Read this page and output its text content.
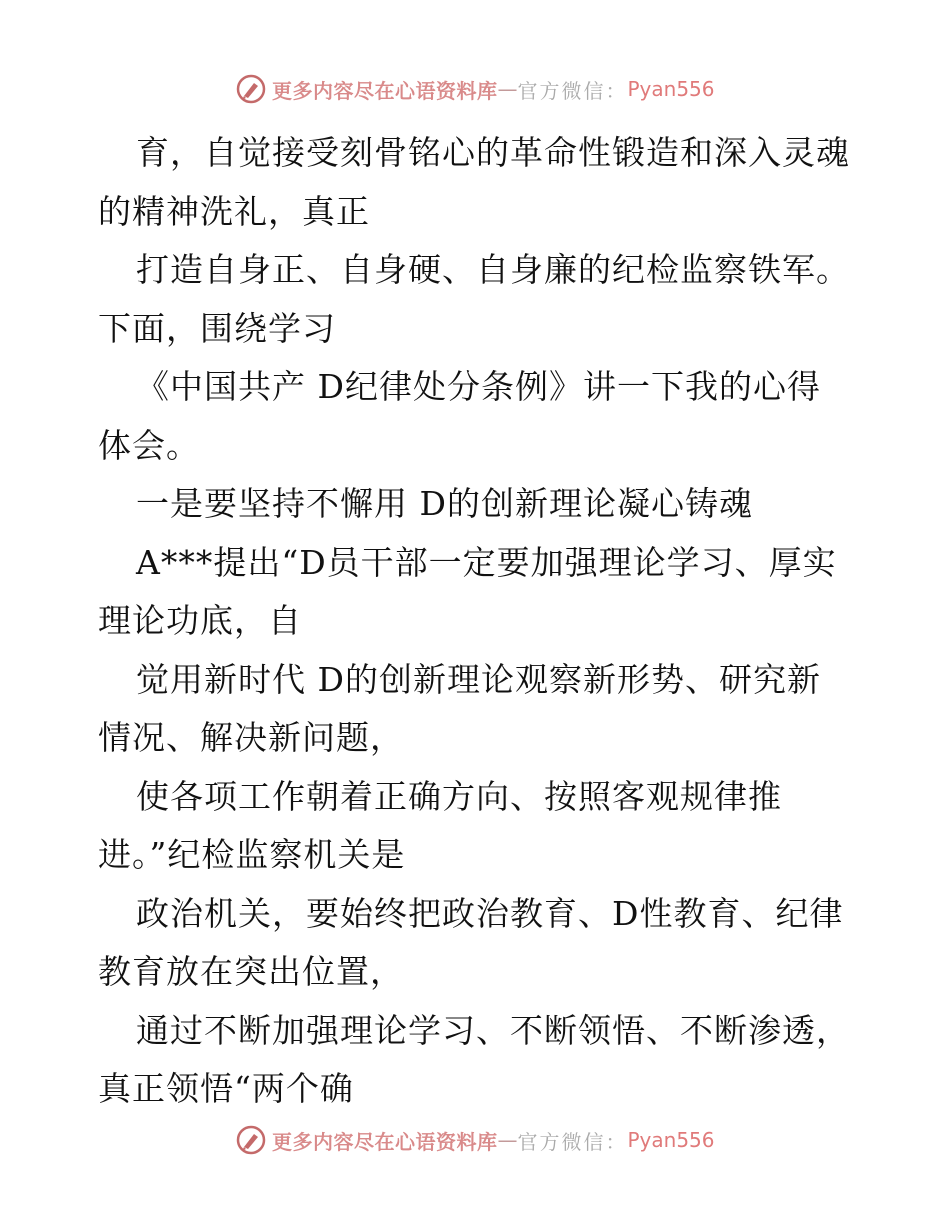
更多内容尽在心语资料库 — 官方微信： Pyan556
育，自觉接受刻骨铭心的革命性锻造和深入灵魂
的精神洗礼，真正
打造自身正、自身硬、自身廉的纪检监察铁军。
下面，围绕学习
《中国共产 D纪律处分条例》讲一下我的心得
体会。
一是要坚持不懈用 D的创新理论凝心铸魂
A***提出“D员干部一定要加强理论学习、厚实
理论功底，自
觉用新时代 D的创新理论观察新形势、研究新
情况、解决新问题，
使各项工作朝着正确方向、按照客观规律推
进。”纪检监察机关是
政治机关，要始终把政治教育、D性教育、纪律
教育放在突出位置，
通过不断加强理论学习、不断领悟、不断渗透，
真正领悟“两个确
更多内容尽在心语资料库 — 官方微信： Pyan556
